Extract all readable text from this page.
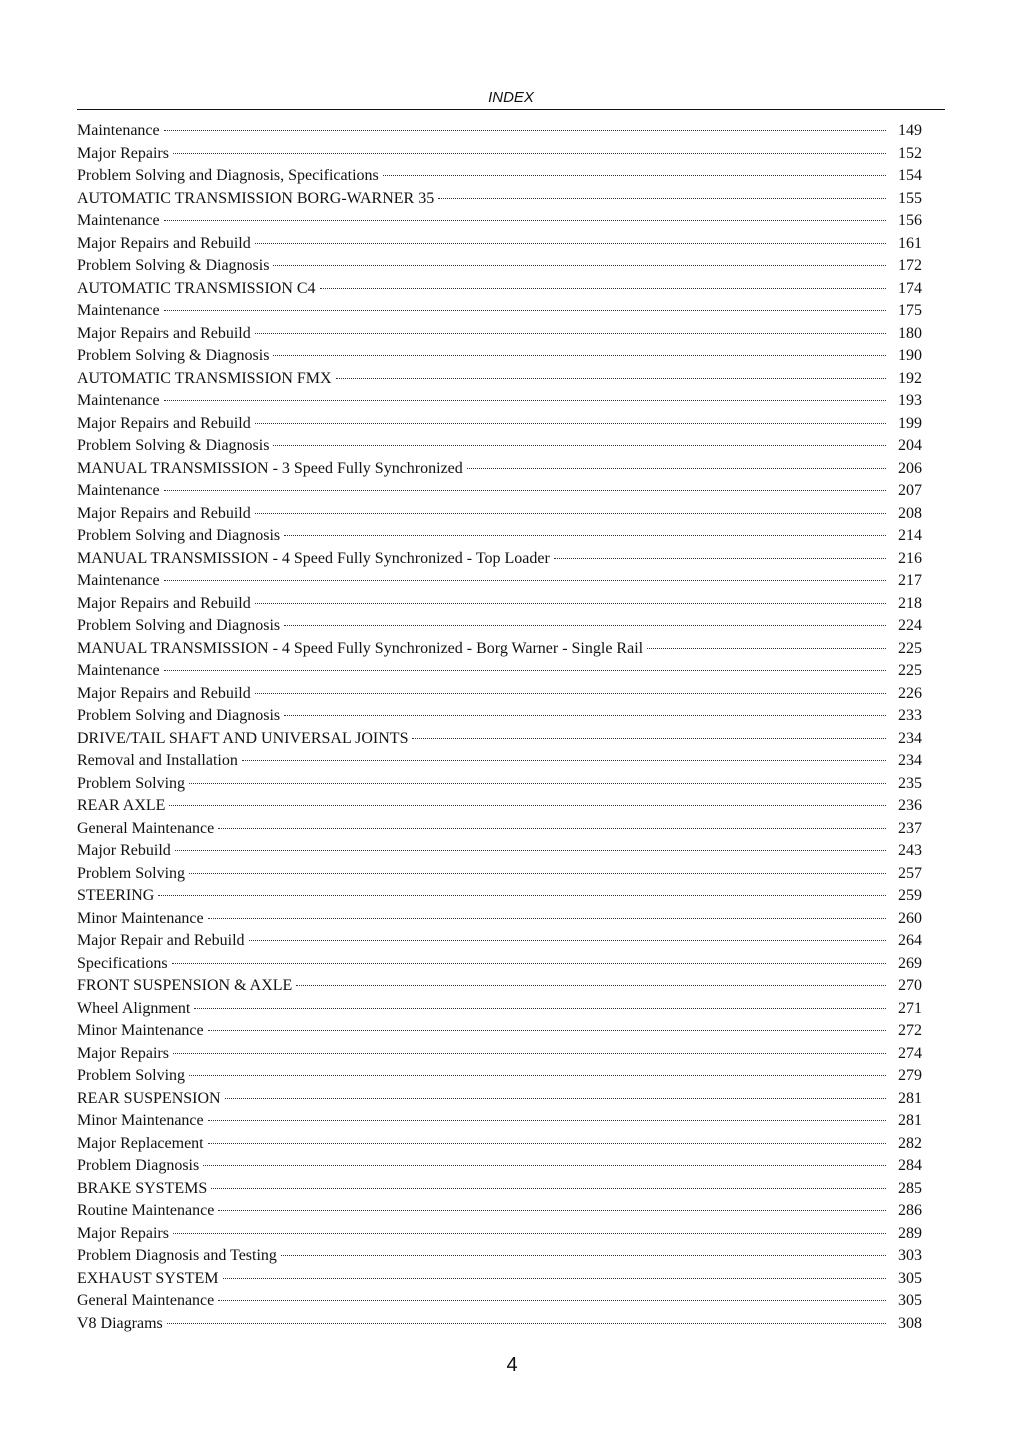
INDEX
Maintenance	149
Major Repairs	152
Problem Solving and Diagnosis, Specifications	154
AUTOMATIC TRANSMISSION BORG-WARNER 35	155
Maintenance	156
Major Repairs and Rebuild	161
Problem Solving & Diagnosis	172
AUTOMATIC TRANSMISSION C4	174
Maintenance	175
Major Repairs and Rebuild	180
Problem Solving & Diagnosis	190
AUTOMATIC TRANSMISSION FMX	192
Maintenance	193
Major Repairs and Rebuild	199
Problem Solving & Diagnosis	204
MANUAL TRANSMISSION - 3 Speed Fully Synchronized	206
Maintenance	207
Major Repairs and Rebuild	208
Problem Solving and Diagnosis	214
MANUAL TRANSMISSION - 4 Speed Fully Synchronized - Top Loader	216
Maintenance	217
Major Repairs and Rebuild	218
Problem Solving and Diagnosis	224
MANUAL TRANSMISSION - 4 Speed Fully Synchronized - Borg Warner - Single Rail	225
Maintenance	225
Major Repairs and Rebuild	226
Problem Solving and Diagnosis	233
DRIVE/TAIL SHAFT AND UNIVERSAL JOINTS	234
Removal and Installation	234
Problem Solving	235
REAR AXLE	236
General Maintenance	237
Major Rebuild	243
Problem Solving	257
STEERING	259
Minor Maintenance	260
Major Repair and Rebuild	264
Specifications	269
FRONT SUSPENSION & AXLE	270
Wheel Alignment	271
Minor Maintenance	272
Major Repairs	274
Problem Solving	279
REAR SUSPENSION	281
Minor Maintenance	281
Major Replacement	282
Problem Diagnosis	284
BRAKE SYSTEMS	285
Routine Maintenance	286
Major Repairs	289
Problem Diagnosis and Testing	303
EXHAUST SYSTEM	305
General Maintenance	305
V8 Diagrams	308
4
